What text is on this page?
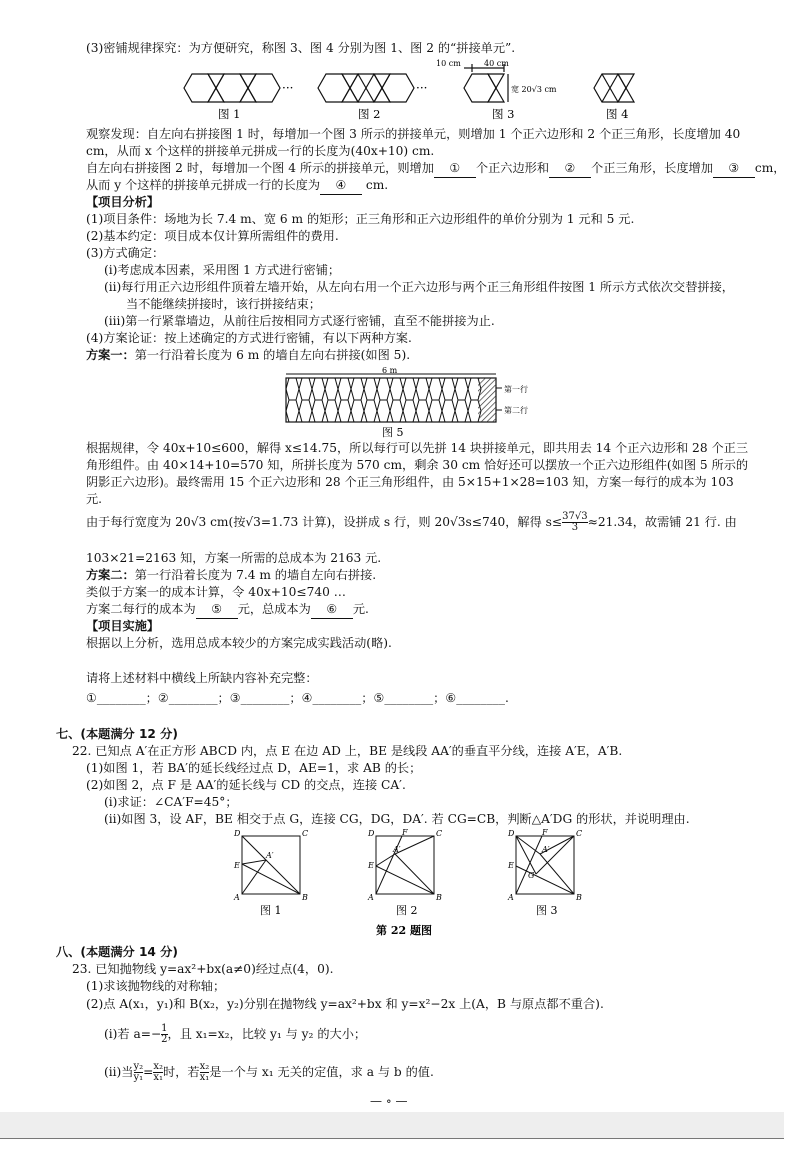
(3)密铺规律探究：为方便研究，称图 3、图 4 分别为图 1、图 2 的“拼接单元”.
···
图 1
···
图 2
10 cm	40 cm
宽 20√3 cm
图 3	图 4
观察发现：自左向右拼接图 1 时，每增加一个图 3 所示的拼接单元，则增加 1 个正六边形和 2 个正三角形，长度增加 40
cm，从而 x 个这样的拼接单元拼成一行的长度为(40x+10) cm.
自左向右拼接图 2 时，每增加一个图 4 所示的拼接单元，则增加 ① 个正六边形和 ② 个正三角形，长度增加 ③ cm，
从而 y 个这样的拼接单元拼成一行的长度为 ④ cm.
【项目分析】
(1)项目条件：场地为长 7.4 m、宽 6 m 的矩形；正三角形和正六边形组件的单价分别为 1 元和 5 元.
(2)基本约定：项目成本仅计算所需组件的费用.
(3)方式确定：
(i)考虑成本因素，采用图 1 方式进行密铺；
(ii)每行用正六边形组件顶着左墙开始，从左向右用一个正六边形与两个正三角形组件按图 1 所示方式依次交替拼接，
当不能继续拼接时，该行拼接结束；
(iii)第一行紧靠墙边，从前往后按相同方式逐行密铺，直至不能拼接为止.
(4)方案论证：按上述确定的方式进行密铺，有以下两种方案.
方案一：第一行沿着长度为 6 m 的墙自左向右拼接(如图 5).
6 m
第一行
第二行
图 5
根据规律，令 40x+10≤600，解得 x≤14.75，所以每行可以先拼 14 块拼接单元，即共用去 14 个正六边形和 28 个正三
角形组件。由 40×14+10=570 知，所拼长度为 570 cm，剩余 30 cm 恰好还可以摆放一个正六边形组件(如图 5 所示的
阴影正六边形)。最终需用 15 个正六边形和 28 个正三角形组件，由 5×15+1×28=103 知，方案一每行的成本为 103
元.
由于每行宽度为 20√3 cm(按√3=1.73 计算)，设拼成 s 行，则 20√3s≤740，解得 $s\le \frac{37√3}{3} \approx 21.34$，故需铺 21 行. 由
103×21=2163 知，方案一所需的总成本为 2163 元.
方案二：第一行沿着长度为 7.4 m 的墙自左向右拼接.
类似于方案一的成本计算，令 40x+10≤740 …
方案二每行的成本为 ⑤ 元，总成本为 ⑥ 元.
【项目实施】
根据以上分析，选用总成本较少的方案完成实践活动(略).
请将上述材料中横线上所缺内容补充完整：
①________；②________；③________；④________；⑤________；⑥________.
七、(本题满分 12 分)
22. 已知点 A′在正方形 ABCD 内，点 E 在边 AD 上，BE 是线段 AA′的垂直平分线，连接 A′E，A′B.
(1)如图 1，若 BA′的延长线经过点 D，AE=1，求 AB 的长；
(2)如图 2，点 F 是 AA′的延长线与 CD 的交点，连接 CA′.
(i)求证：∠CA′F=45°；
(ii)如图 3，设 AF，BE 相交于点 G，连接 CG，DG，DA′. 若 CG=CB，判断△A′DG 的形状，并说明理由.
D	C
A	B
E
A′
D	C
F
A	B
E
A′
D	C
F
A	B
E
G
A′
图 1	图 2	图 3
第 22 题图
八、(本题满分 14 分)
23. 已知抛物线 y=ax²+bx(a≠0)经过点(4，0).
(1)求该抛物线的对称轴；
(2)点 A(x₁，y₁)和 B(x₂，y₂)分别在抛物线 y=ax²+bx 和 y=x²−2x 上(A，B 与原点都不重合).
(i)若 $a=- \frac{1}{2}$ ，且 x₁=x₂，比较 y₁ 与 y₂ 的大小；
(ii)当 $\frac{\text{y₂}}{\text{y₁}} = \frac{\text{x₂}}{\text{x₁}}$ 时，若 $\frac{\text{x₂}}{\text{x₁}}$ 是一个与 x₁ 无关的定值，求 a 与 b 的值.
— ∘ —
